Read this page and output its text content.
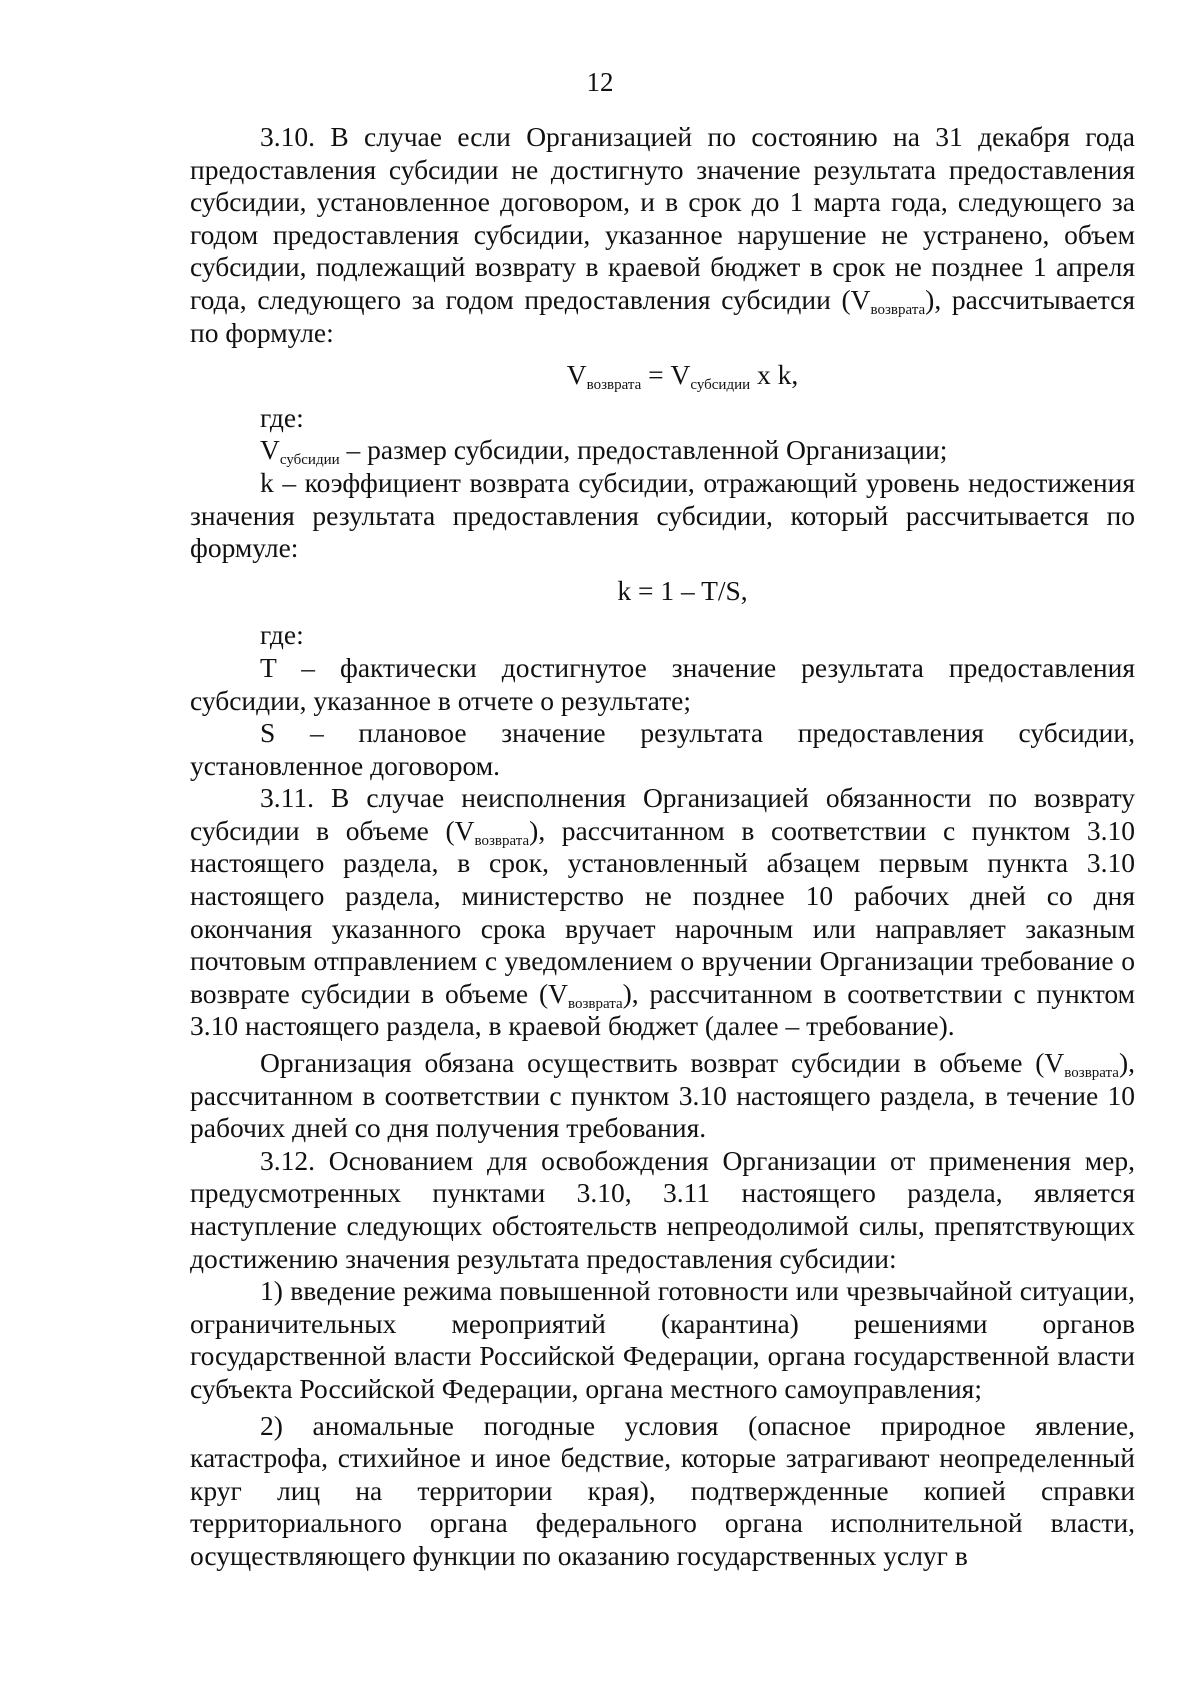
12

3.10. В случае если Организацией по состоянию на 31 декабря года предоставления субсидии не достигнуто значение результата предоставления субсидии, установленное договором, и в срок до 1 марта года, следующего за годом предоставления субсидии, указанное нарушение не устранено, объем субсидии, подлежащий возврату в краевой бюджет в срок не позднее 1 апреля года, следующего за годом предоставления субсидии $(V_{возврата})$, рассчитывается по формуле:

$V_{возврата} = V_{субсидии}$ x k,

где:

$V_{субсидии}$ – размер субсидии, предоставленной Организации;

k – коэффициент возврата субсидии, отражающий уровень недостижения значения результата предоставления субсидии, который рассчитывается по формуле:

k = 1 – T/S,

где:

T – фактически достигнутое значение результата предоставления субсидии, указанное в отчете о результате;

S – плановое значение результата предоставления субсидии, установленное договором.

3.11. В случае неисполнения Организацией обязанности по возврату субсидии в объеме $(V_{возврата})$, рассчитанном в соответствии с пунктом 3.10 настоящего раздела, в срок, установленный абзацем первым пункта 3.10 настоящего раздела, министерство не позднее 10 рабочих дней со дня окончания указанного срока вручает нарочным или направляет заказным почтовым отправлением с уведомлением о вручении Организации требование о возврате субсидии в объеме $(V_{возврата})$, рассчитанном в соответствии с пунктом 3.10 настоящего раздела, в краевой бюджет (далее – требование).

Организация обязана осуществить возврат субсидии в объеме $(V_{возврата})$, рассчитанном в соответствии с пунктом 3.10 настоящего раздела, в течение 10 рабочих дней со дня получения требования.

3.12. Основанием для освобождения Организации от применения мер, предусмотренных пунктами 3.10, 3.11 настоящего раздела, является наступление следующих обстоятельств непреодолимой силы, препятствующих достижению значения результата предоставления субсидии:

1) введение режима повышенной готовности или чрезвычайной ситуации, ограничительных мероприятий (карантина) решениями органов государственной власти Российской Федерации, органа государственной власти субъекта Российской Федерации, органа местного самоуправления;

2) аномальные погодные условия (опасное природное явление, катастрофа, стихийное и иное бедствие, которые затрагивают неопределенный круг лиц на территории края), подтвержденные копией справки территориального органа федерального органа исполнительной власти, осуществляющего функции по оказанию государственных услуг в
